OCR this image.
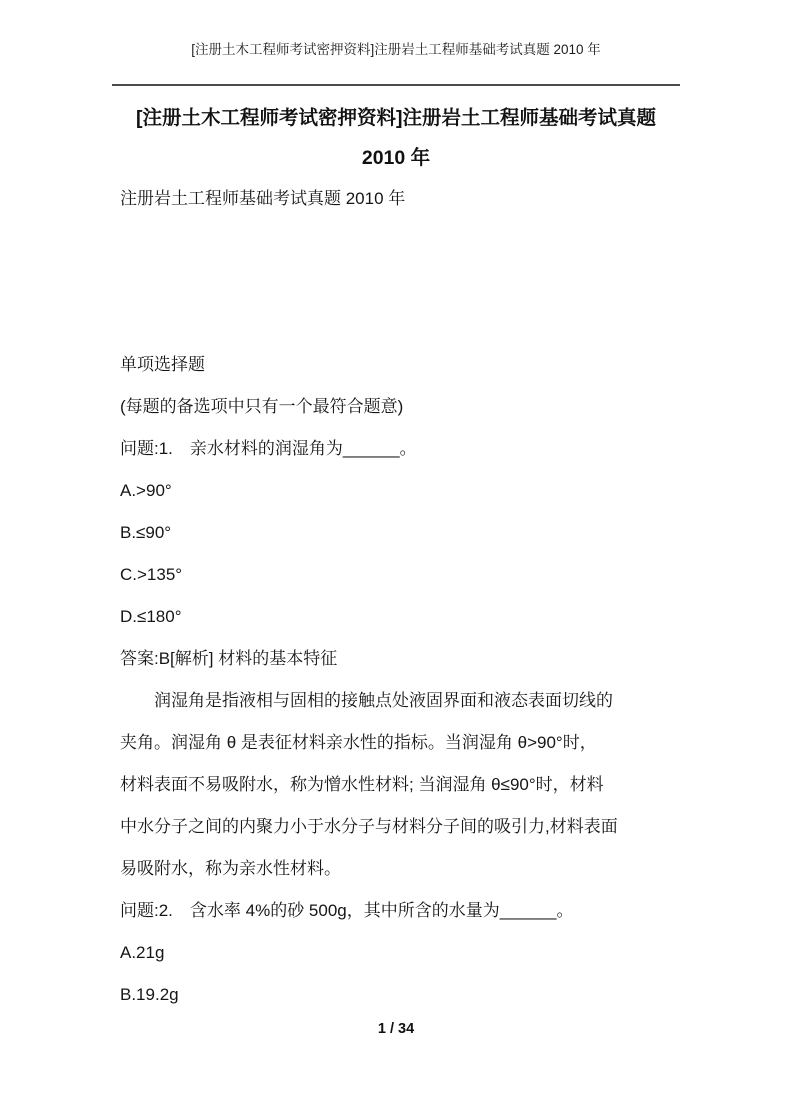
[注册土木工程师考试密押资料]注册岩土工程师基础考试真题 2010 年
[注册土木工程师考试密押资料]注册岩土工程师基础考试真题 2010 年
注册岩土工程师基础考试真题 2010 年
单项选择题
(每题的备选项中只有一个最符合题意)
问题:1.　亲水材料的润湿角为______。
A.>90°
B.≤90°
C.>135°
D.≤180°
答案:B[解析] 材料的基本特征
　　润湿角是指液相与固相的接触点处液固界面和液态表面切线的
夹角。润湿角 θ 是表征材料亲水性的指标。当润湿角 θ>90°时，
材料表面不易吸附水，称为憎水性材料; 当润湿角 θ≤90°时，材料
中水分子之间的内聚力小于水分子与材料分子间的吸引力,材料表面
易吸附水，称为亲水性材料。
问题:2.　含水率 4%的砂 500g，其中所含的水量为______。
A.21g
B.19.2g
1 / 34
